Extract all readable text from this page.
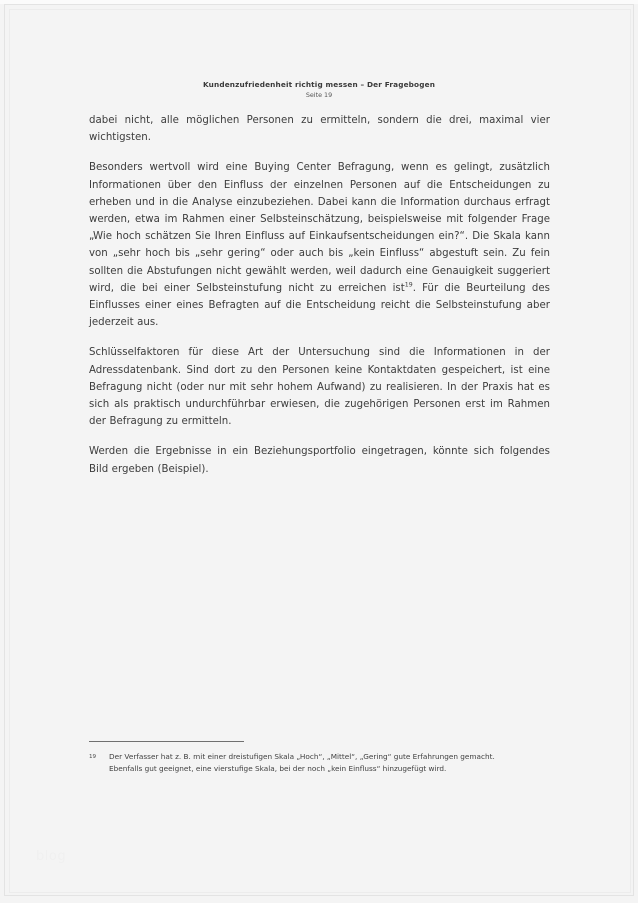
Kundenzufriedenheit richtig messen – Der Fragebogen
Seite 19

dabei nicht, alle möglichen Personen zu ermitteln, sondern die drei, maximal vier wichtigsten.

Besonders wertvoll wird eine Buying Center Befragung, wenn es gelingt, zusätzlich Informationen über den Einfluss der einzelnen Personen auf die Entscheidungen zu erheben und in die Analyse einzubeziehen. Dabei kann die Information durchaus erfragt werden, etwa im Rahmen einer Selbsteinschätzung, beispielsweise mit folgender Frage „Wie hoch schätzen Sie Ihren Einfluss auf Einkaufsentscheidungen ein?“. Die Skala kann von „sehr hoch bis „sehr gering“ oder auch bis „kein Einfluss“ abgestuft sein. Zu fein sollten die Abstufungen nicht gewählt werden, weil dadurch eine Genauigkeit suggeriert wird, die bei einer Selbsteinstufung nicht zu erreichen ist$^{19}$. Für die Beurteilung des Einflusses einer eines Befragten auf die Entscheidung reicht die Selbsteinstufung aber jederzeit aus.

Schlüsselfaktoren für diese Art der Untersuchung sind die Informationen in der Adressdatenbank. Sind dort zu den Personen keine Kontaktdaten gespeichert, ist eine Befragung nicht (oder nur mit sehr hohem Aufwand) zu realisieren. In der Praxis hat es sich als praktisch undurchführbar erwiesen, die zugehörigen Personen erst im Rahmen der Befragung zu ermitteln.

Werden die Ergebnisse in ein Beziehungsportfolio eingetragen, könnte sich folgendes Bild ergeben (Beispiel).

19	Der Verfasser hat z. B. mit einer dreistufigen Skala „Hoch“, „Mittel“, „Gering“ gute Erfahrungen gemacht.
Ebenfalls gut geeignet, eine vierstufige Skala, bei der noch „kein Einfluss“ hinzugefügt wird.
blog
